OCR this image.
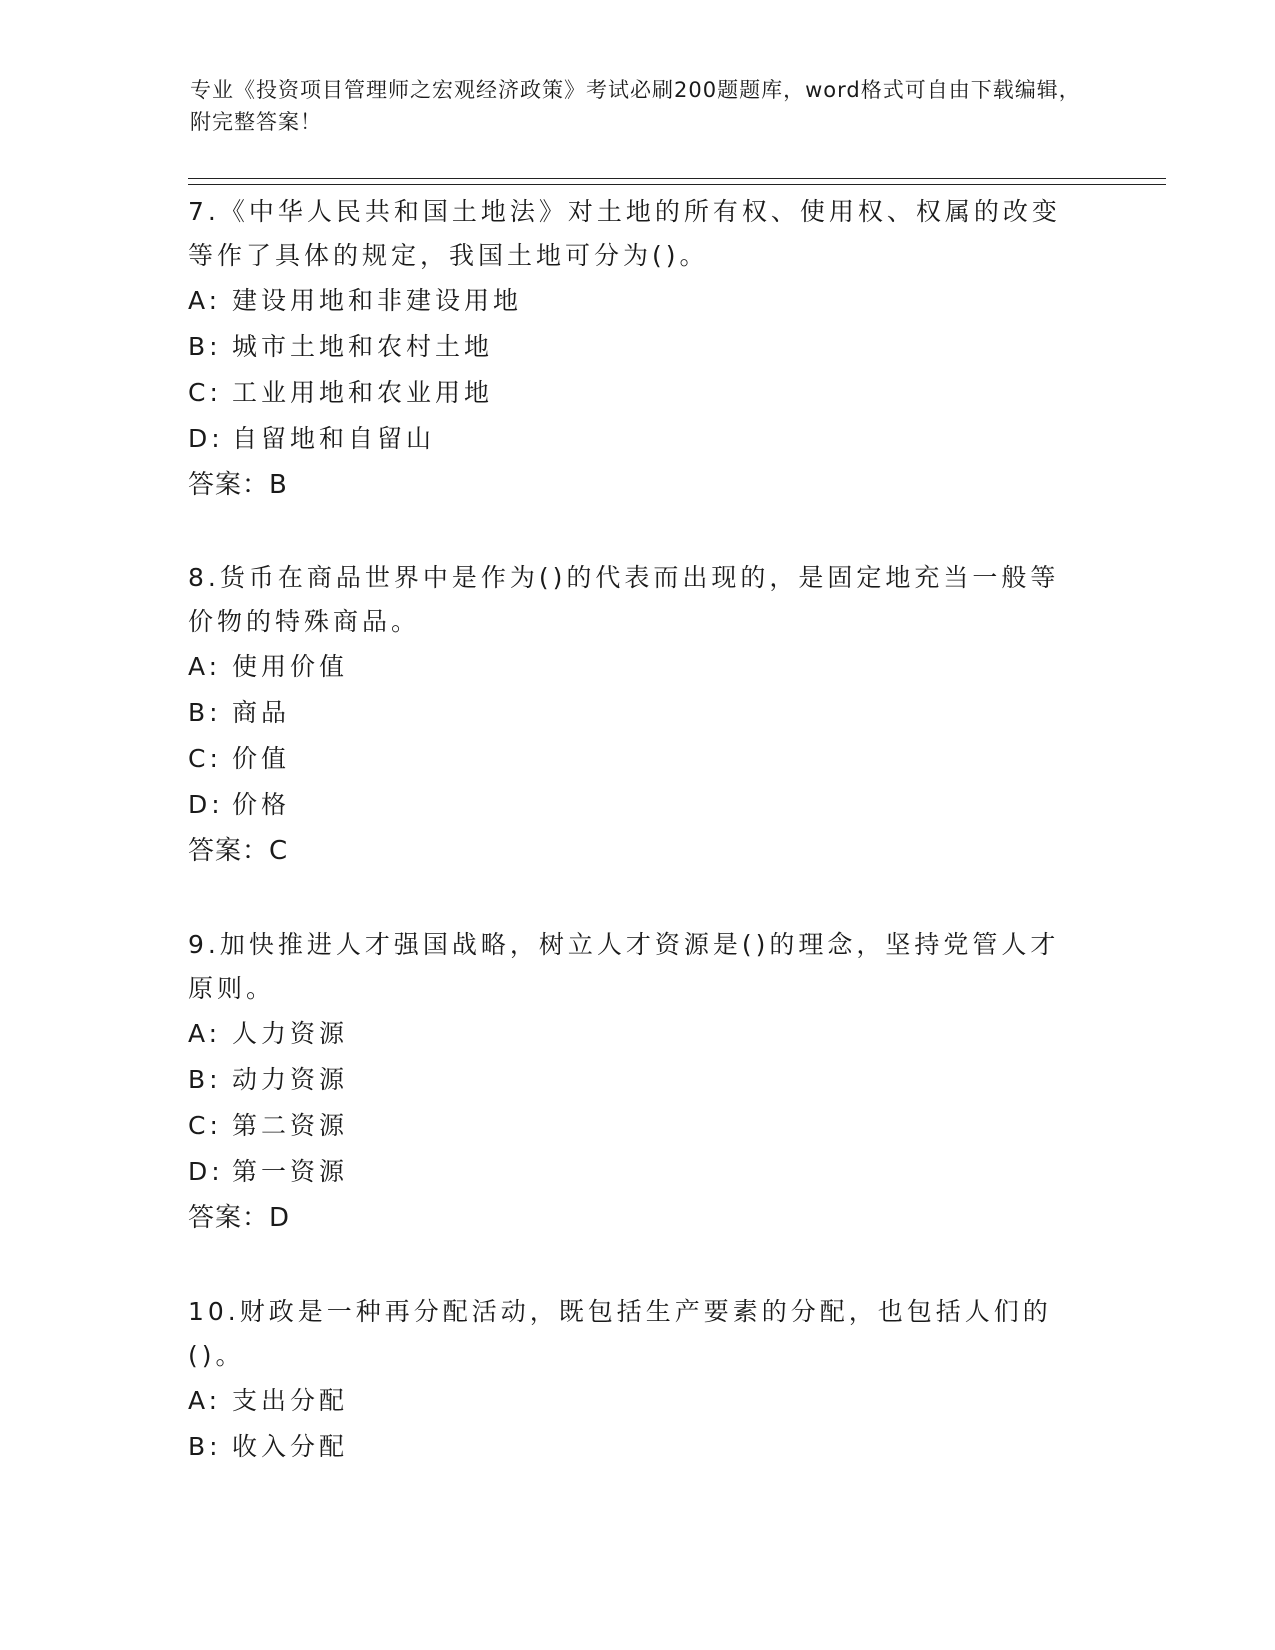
专业《投资项目管理师之宏观经济政策》考试必刷200题题库，word格式可自由下载编辑，附完整答案！

7.《中华人民共和国土地法》对土地的所有权、使用权、权属的改变等作了具体的规定，我国土地可分为()。

A: 建设用地和非建设用地
B: 城市土地和农村土地
C: 工业用地和农业用地
D: 自留地和自留山

答案：B

8.货币在商品世界中是作为()的代表而出现的，是固定地充当一般等价物的特殊商品。

A: 使用价值
B: 商品
C: 价值
D: 价格

答案：C

9.加快推进人才强国战略，树立人才资源是()的理念，坚持党管人才原则。

A: 人力资源
B: 动力资源
C: 第二资源
D: 第一资源

答案：D

10.财政是一种再分配活动，既包括生产要素的分配，也包括人们的()。

A: 支出分配
B: 收入分配
